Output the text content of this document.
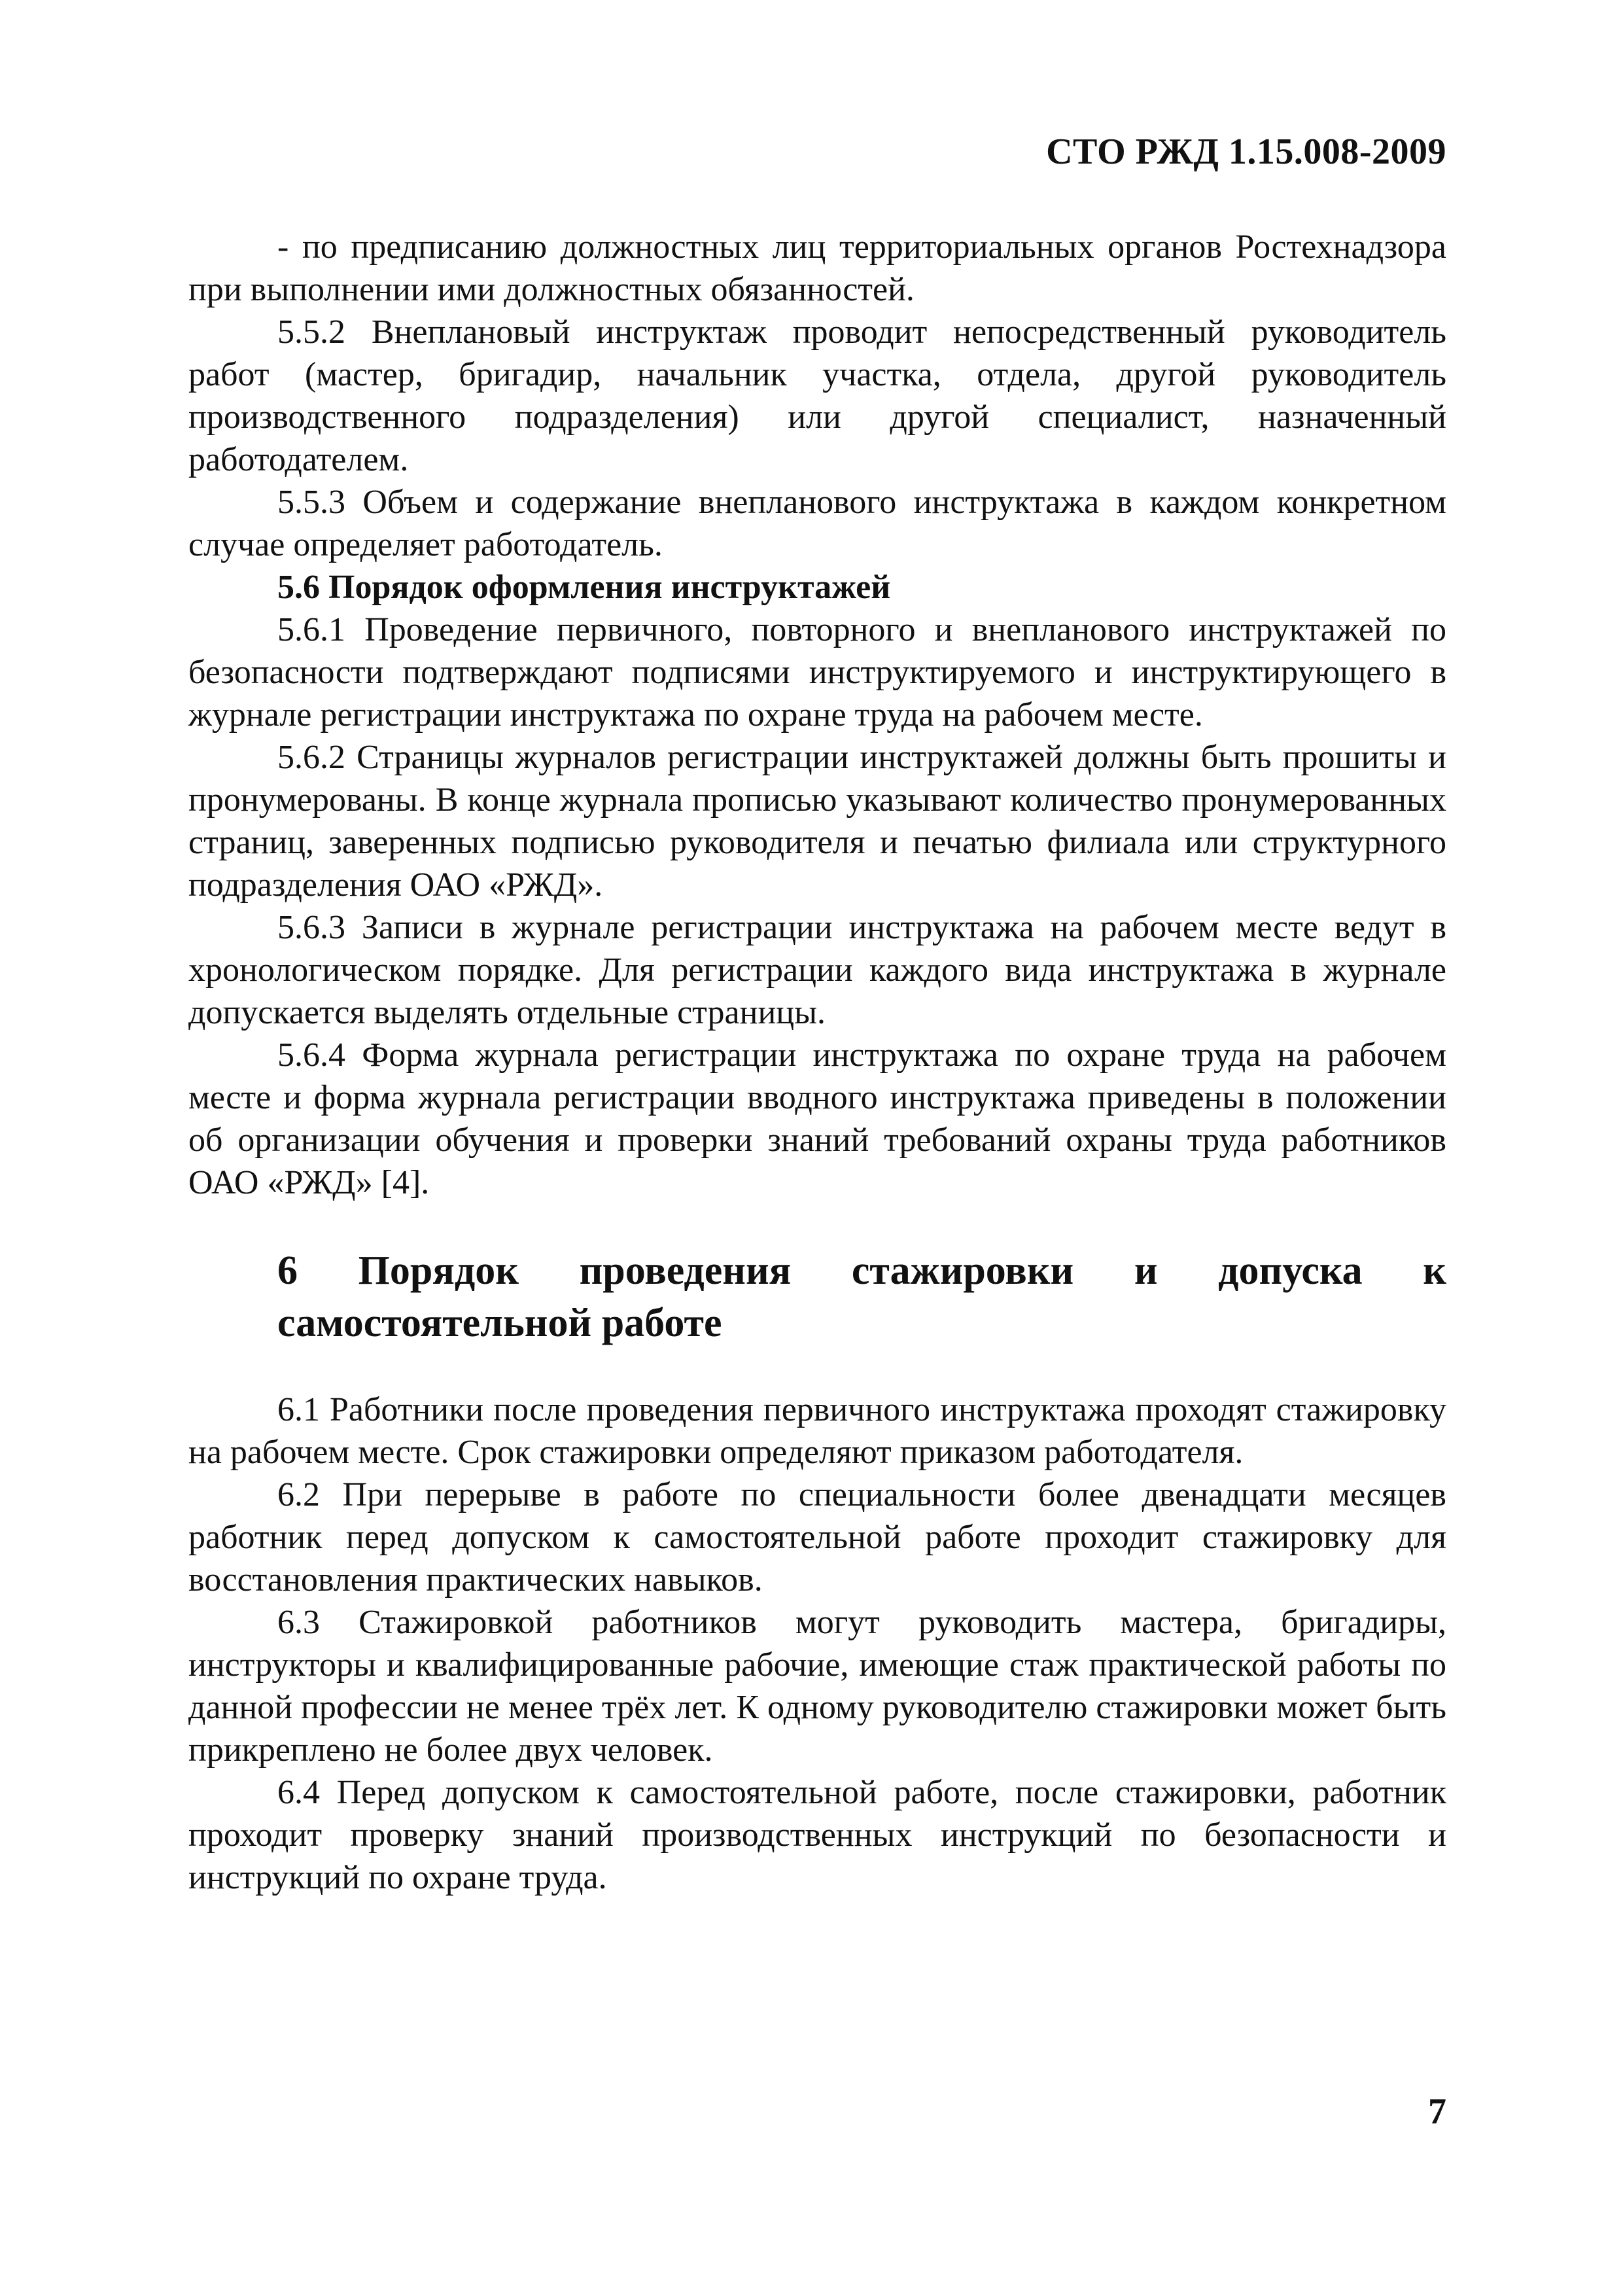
СТО РЖД 1.15.008-2009

- по предписанию должностных лиц территориальных органов Ростехнадзора при выполнении ими должностных обязанностей.

5.5.2 Внеплановый инструктаж проводит непосредственный руководитель работ (мастер, бригадир, начальник участка, отдела, другой руководитель производственного подразделения) или другой специалист, назначенный работодателем.

5.5.3 Объем и содержание внепланового инструктажа в каждом конкретном случае определяет работодатель.

5.6 Порядок оформления инструктажей

5.6.1 Проведение первичного, повторного и внепланового инструктажей по безопасности подтверждают подписями инструктируемого и инструктирующего в журнале регистрации инструктажа по охране труда на рабочем месте.

5.6.2 Страницы журналов регистрации инструктажей должны быть прошиты и пронумерованы. В конце журнала прописью указывают количество пронумерованных страниц, заверенных подписью руководителя и печатью филиала или структурного подразделения ОАО «РЖД».

5.6.3 Записи в журнале регистрации инструктажа на рабочем месте ведут в хронологическом порядке. Для регистрации каждого вида инструктажа в журнале допускается выделять отдельные страницы.

5.6.4 Форма журнала регистрации инструктажа по охране труда на рабочем месте и форма журнала регистрации вводного инструктажа приведены в положении об организации обучения и проверки знаний требований охраны труда работников ОАО «РЖД» [4].

6 Порядок проведения стажировки и допуска к самостоятельной работе

6.1 Работники после проведения первичного инструктажа проходят стажировку на рабочем месте. Срок стажировки определяют приказом работодателя.

6.2 При перерыве в работе по специальности более двенадцати месяцев работник перед допуском к самостоятельной работе проходит стажировку для восстановления практических навыков.

6.3 Стажировкой работников могут руководить мастера, бригадиры, инструкторы и квалифицированные рабочие, имеющие стаж практической работы по данной профессии не менее трёх лет. К одному руководителю стажировки может быть прикреплено не более двух человек.

6.4 Перед допуском к самостоятельной работе, после стажировки, работник проходит проверку знаний производственных инструкций по безопасности и инструкций по охране труда.

7
